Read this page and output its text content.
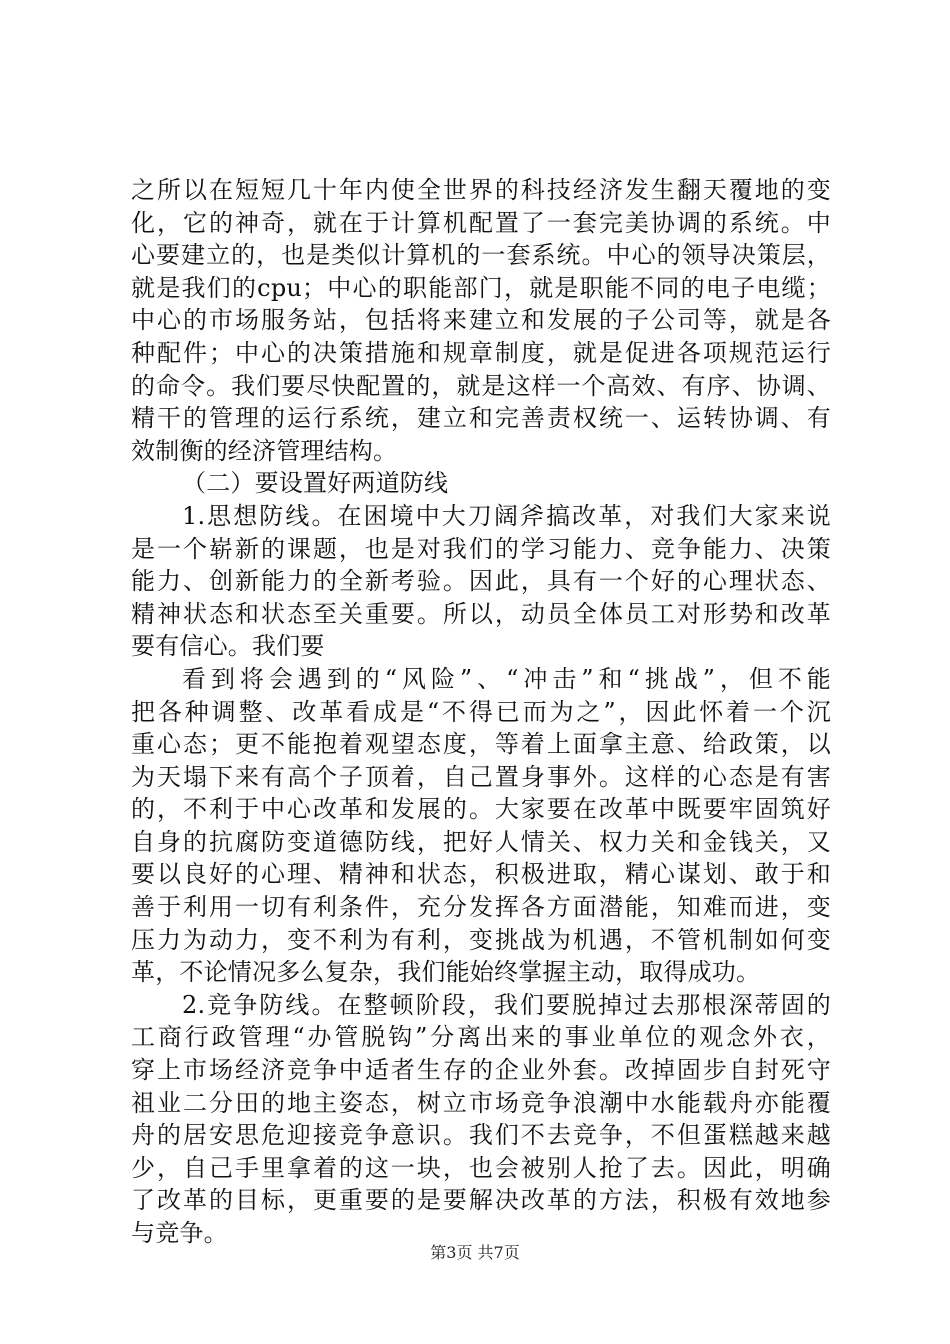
之所以在短短几十年内使全世界的科技经济发生翻天覆地的变
化，它的神奇，就在于计算机配置了一套完美协调的系统。中
心要建立的，也是类似计算机的一套系统。中心的领导决策层，
就是我们的cpu；中心的职能部门，就是职能不同的电子电缆；
中心的市场服务站，包括将来建立和发展的子公司等，就是各
种配件；中心的决策措施和规章制度，就是促进各项规范运行
的命令。我们要尽快配置的，就是这样一个高效、有序、协调、
精干的管理的运行系统，建立和完善责权统一、运转协调、有
效制衡的经济管理结构。
（二）要设置好两道防线
1.思想防线。在困境中大刀阔斧搞改革，对我们大家来说
是一个崭新的课题，也是对我们的学习能力、竞争能力、决策
能力、创新能力的全新考验。因此，具有一个好的心理状态、
精神状态和状态至关重要。所以，动员全体员工对形势和改革
要有信心。我们要
看到将会遇到的“风险”、“冲击”和“挑战”，但不能
把各种调整、改革看成是“不得已而为之”，因此怀着一个沉
重心态；更不能抱着观望态度，等着上面拿主意、给政策，以
为天塌下来有高个子顶着，自己置身事外。这样的心态是有害
的，不利于中心改革和发展的。大家要在改革中既要牢固筑好
自身的抗腐防变道德防线，把好人情关、权力关和金钱关，又
要以良好的心理、精神和状态，积极进取，精心谋划、敢于和
善于利用一切有利条件，充分发挥各方面潜能，知难而进，变
压力为动力，变不利为有利，变挑战为机遇，不管机制如何变
革，不论情况多么复杂，我们能始终掌握主动，取得成功。
2.竞争防线。在整顿阶段，我们要脱掉过去那根深蒂固的
工商行政管理“办管脱钩”分离出来的事业单位的观念外衣，
穿上市场经济竞争中适者生存的企业外套。改掉固步自封死守
祖业二分田的地主姿态，树立市场竞争浪潮中水能载舟亦能覆
舟的居安思危迎接竞争意识。我们不去竞争，不但蛋糕越来越
少，自己手里拿着的这一块，也会被别人抢了去。因此，明确
了改革的目标，更重要的是要解决改革的方法，积极有效地参
与竞争。
第3页 共7页
